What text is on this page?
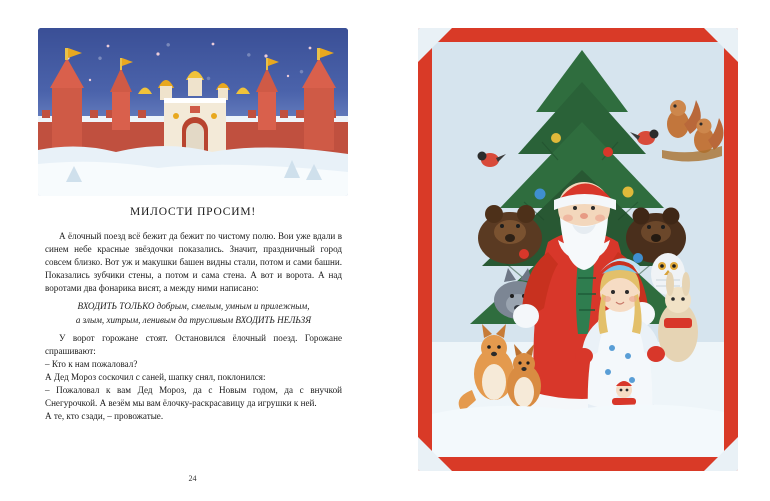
МИЛОСТИ ПРОСИМ!

А ёлочный поезд всё бежит да бежит по чистому полю. Вои уже вдали в синем небе красные звёздочки показались. Значит, праздничный город совсем близко. Вот уж и макушки башен видны стали, потом и сами башни. Показались зубчики стены, а потом и сама стена. А вот и ворота. А над воротами два фонарика висят, а между ними написано:

ВХОДИТЬ ТОЛЬКО добрым, смелым, умным и прилежным,
а злым, хитрым, ленивым да трусливым ВХОДИТЬ НЕЛЬЗЯ

У ворот горожане стоят. Остановился ёлочный поезд. Горожане спрашивают:

– Кто к нам пожаловал?

А Дед Мороз соскочил с саней, шапку снял, поклонился:

– Пожаловал к вам Дед Мороз, да с Новым годом, да с внучкой Снегурочкой. А везём мы вам ёлочку-раскрасавицу да игрушки к ней.

А те, кто сзади, – провожатые.

24
